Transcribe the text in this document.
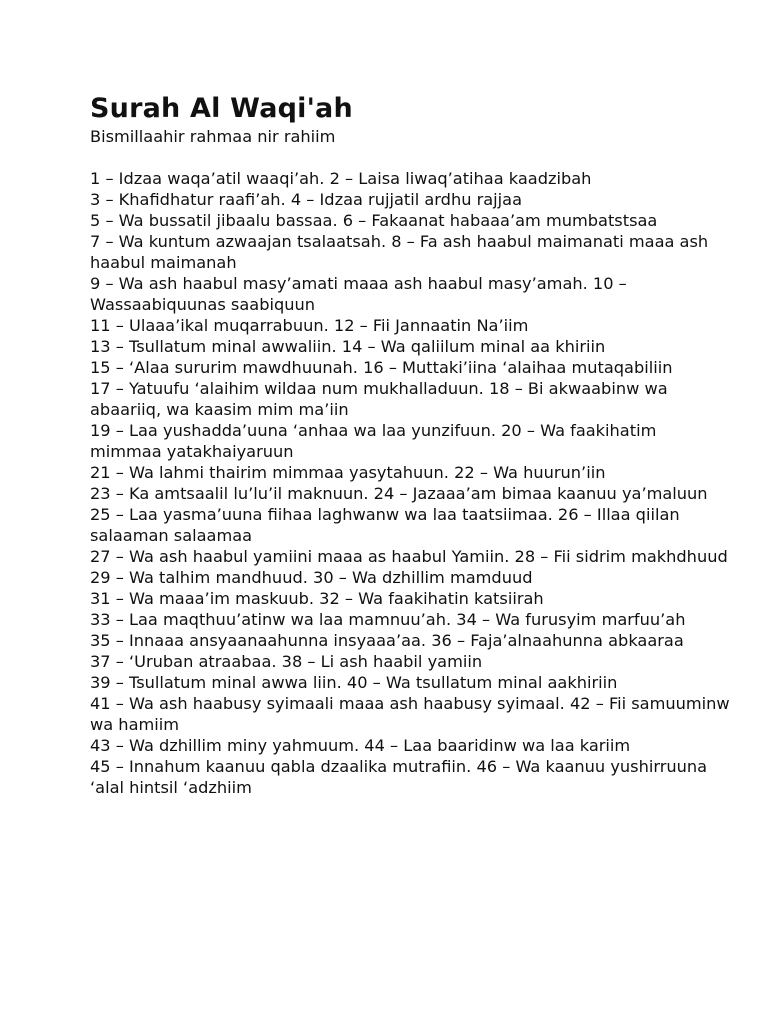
Surah Al Waqi'ah

Bismillaahir rahmaa nir rahiim

1 – Idzaa waqa’atil waaqi’ah. 2 – Laisa liwaq’atihaa kaadzibah
3 – Khafidhatur raafi’ah. 4 – Idzaa rujjatil ardhu rajjaa
5 – Wa bussatil jibaalu bassaa. 6 – Fakaanat habaaa’am mumbatstsaa
7 – Wa kuntum azwaajan tsalaatsah. 8 – Fa ash haabul maimanati maaa ash haabul maimanah
9 – Wa ash haabul masy’amati maaa ash haabul masy’amah. 10 – Wassaabiquunas saabiquun
11 – Ulaaa’ikal muqarrabuun. 12 – Fii Jannaatin Na’iim
13 – Tsullatum minal awwaliin. 14 – Wa qaliilum minal aa khiriin
15 – ‘Alaa sururim mawdhuunah. 16 – Muttaki’iina ‘alaihaa mutaqabiliin
17 – Yatuufu ‘alaihim wildaa num mukhalladuun. 18 – Bi akwaabinw wa abaariiq, wa kaasim mim ma’iin
19 – Laa yushadda’uuna ‘anhaa wa laa yunzifuun. 20 – Wa faakihatim mimmaa yatakhaiyaruun
21 – Wa lahmi thairim mimmaa yasytahuun. 22 – Wa huurun’iin
23 – Ka amtsaalil lu’lu’il maknuun. 24 – Jazaaa’am bimaa kaanuu ya’maluun
25 – Laa yasma’uuna fiihaa laghwanw wa laa taatsiimaa. 26 – Illaa qiilan salaaman salaamaa
27 – Wa ash haabul yamiini maaa as haabul Yamiin. 28 – Fii sidrim makhdhuud
29 – Wa talhim mandhuud. 30 – Wa dzhillim mamduud
31 – Wa maaa’im maskuub. 32 – Wa faakihatin katsiirah
33 – Laa maqthuu’atinw wa laa mamnuu’ah. 34 – Wa furusyim marfuu’ah
35 – Innaaa ansyaanaahunna insyaaa’aa. 36 – Faja’alnaahunna abkaaraa
37 – ‘Uruban atraabaa. 38 – Li ash haabil yamiin
39 – Tsullatum minal awwa liin. 40 – Wa tsullatum minal aakhiriin
41 – Wa ash haabusy syimaali maaa ash haabusy syimaal. 42 – Fii samuuminw wa hamiim
43 – Wa dzhillim miny yahmuum. 44 – Laa baaridinw wa laa kariim
45 – Innahum kaanuu qabla dzaalika mutrafiin. 46 – Wa kaanuu yushirruuna ‘alal hintsil ‘adzhiim
